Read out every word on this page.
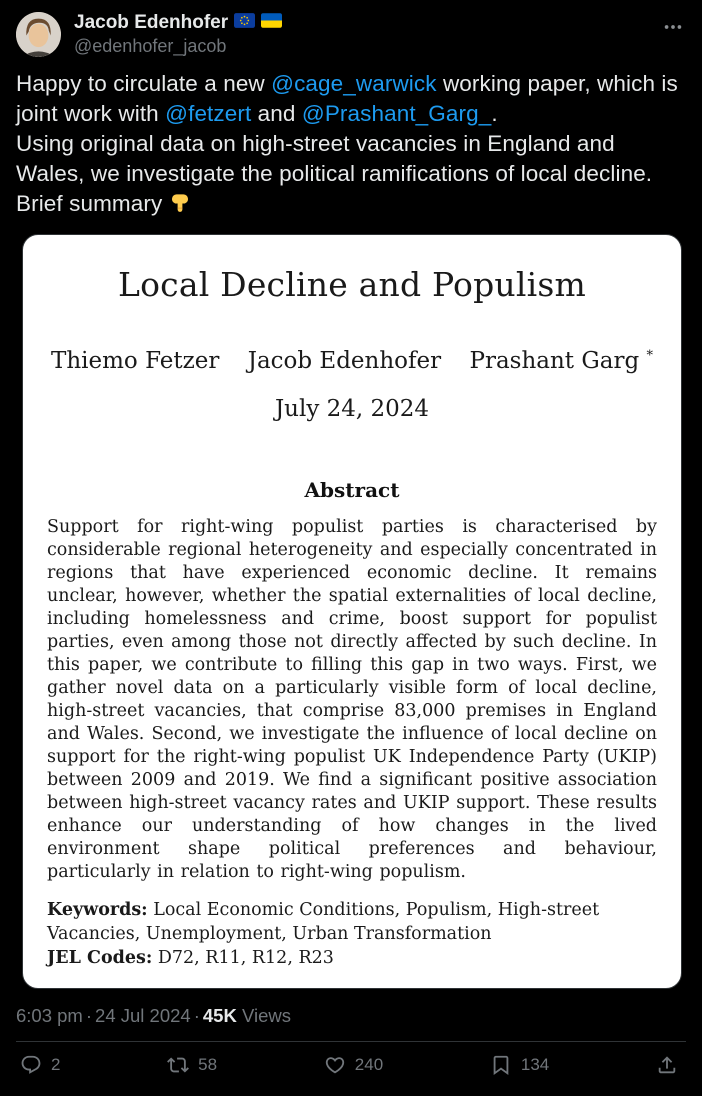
Jacob Edenhofer
@edenhofer_jacob

Happy to circulate a new @cage_warwick working paper, which is joint work with @fetzert and @Prashant_Garg_.

Using original data on high-street vacancies in England and Wales, we investigate the political ramifications of local decline. Brief summary

Local Decline and Populism
Thiemo Fetzer Jacob Edenhofer Prashant Garg *
July 24, 2024
Abstract
Support for right-wing populist parties is characterised by considerable regional heterogeneity and especially concentrated in regions that have experienced economic decline. It remains unclear, however, whether the spatial externalities of local decline, including homelessness and crime, boost support for populist parties, even among those not directly affected by such decline. In this paper, we contribute to filling this gap in two ways. First, we gather novel data on a particularly visible form of local decline, high-street vacancies, that comprise 83,000 premises in England and Wales. Second, we investigate the influence of local decline on support for the right-wing populist UK Independence Party (UKIP) between 2009 and 2019. We find a significant positive association between high-street vacancy rates and UKIP support. These results enhance our understanding of how changes in the lived environment shape political preferences and behaviour, particularly in relation to right-wing populism.
Keywords: Local Economic Conditions, Populism, High-street Vacancies, Unemployment, Urban Transformation
JEL Codes: D72, R11, R12, R23
6:03 pm · 24 Jul 2024 · 45K Views
2	58	240	134
